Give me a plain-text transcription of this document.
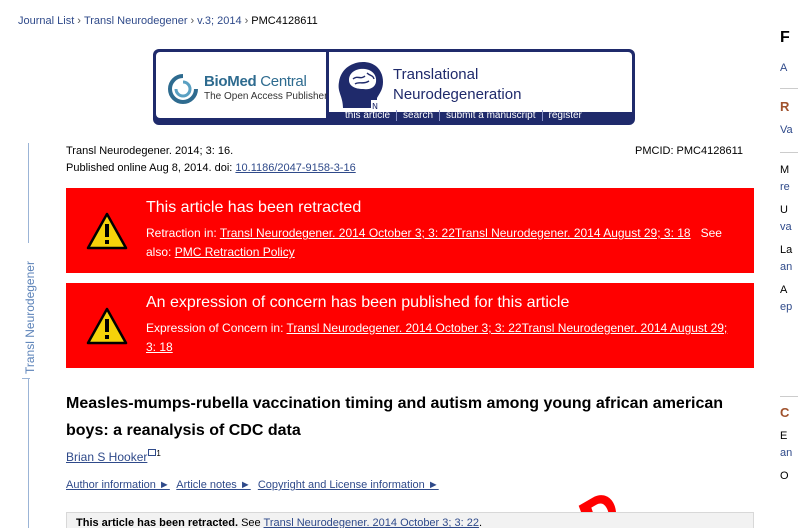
Journal List › Transl Neurodegener › v.3; 2014 › PMC4128611
BioMed Central
The Open Access Publisher
N
Translational
Neurodegeneration
this article	search	submit a manuscript	register
Transl Neurodegener
Transl Neurodegener. 2014; 3: 16.	PMCID: PMC4128611
Published online Aug 8, 2014. doi: 10.1186/2047-9158-3-16
This article has been retracted
Retraction in: Transl Neurodegener. 2014 October 3; 3: 22Transl Neurodegener. 2014 August 29; 3: 18 See also: PMC Retraction Policy
An expression of concern has been published for this article
Expression of Concern in: Transl Neurodegener. 2014 October 3; 3: 22Transl Neurodegener. 2014 August 29; 3: 18
Measles-mumps-rubella vaccination timing and autism among young african american boys: a reanalysis of CDC data
Brian S Hooker $^1$
Author information ► Article notes ► Copyright and License information ►
This article has been retracted. See Transl Neurodegener. 2014 October 3; 3: 22.
F
A
R
Va
M
re
U
va
La
an
A
ep
C
E
an
O
